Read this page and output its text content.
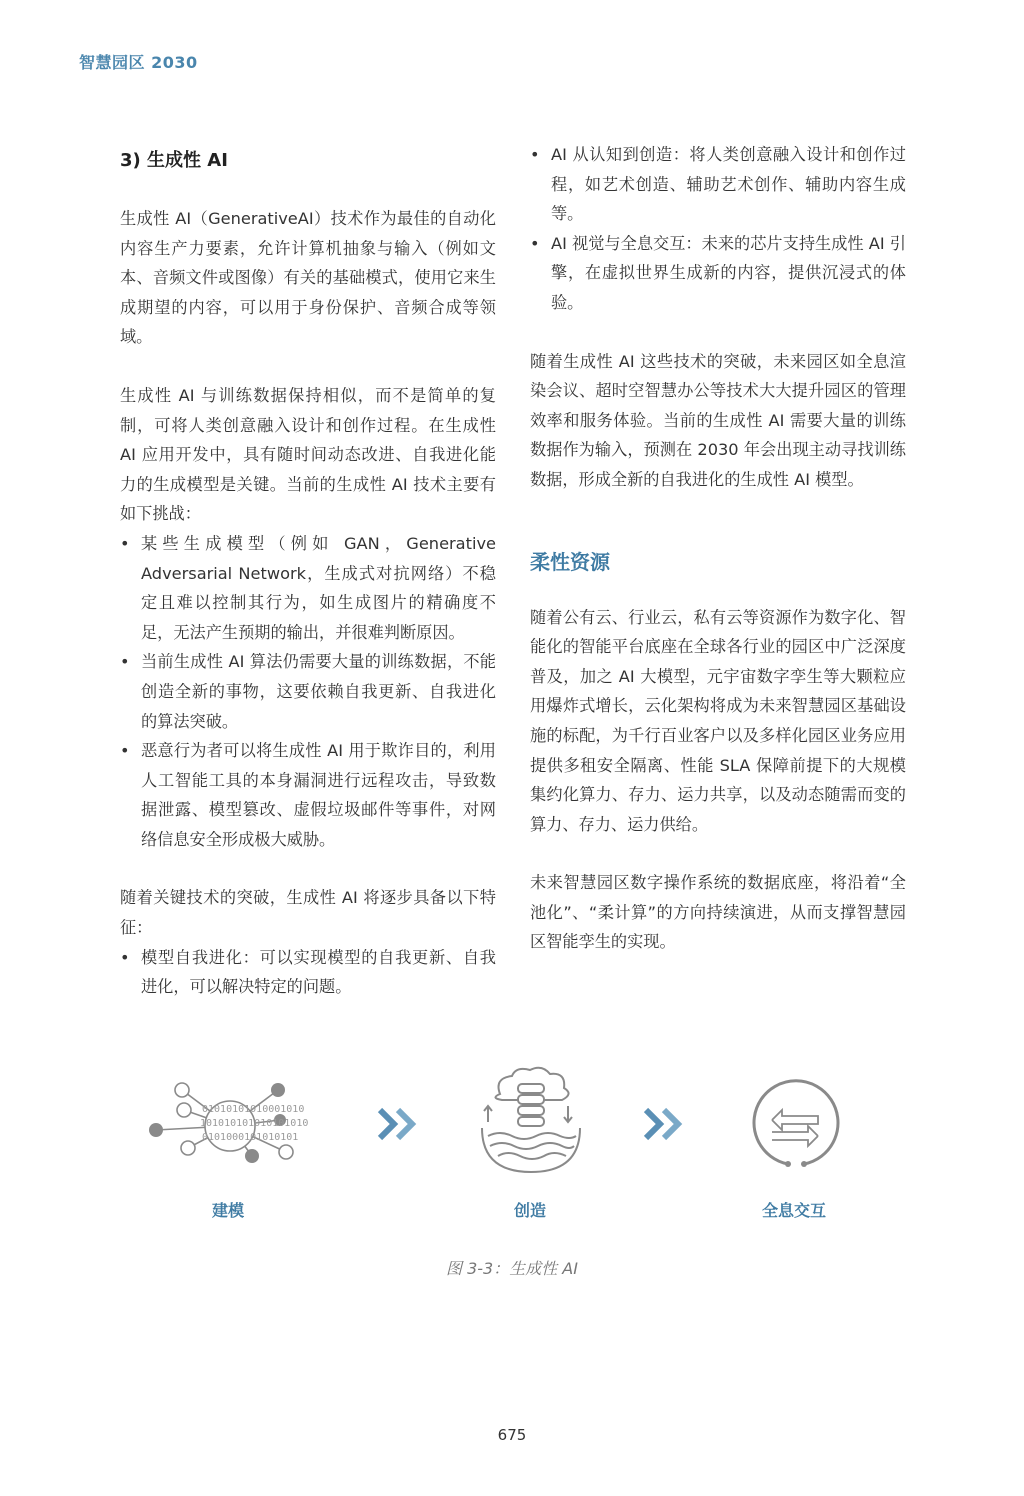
智慧园区 2030
3) 生成性 AI

生成性 AI（GenerativeAI）技术作为最佳的自动化内容生产力要素，允许计算机抽象与输入（例如文本、音频文件或图像）有关的基础模式，使用它来生成期望的内容，可以用于身份保护、音频合成等领域。

生成性 AI 与训练数据保持相似，而不是简单的复制，可将人类创意融入设计和创作过程。在生成性 AI 应用开发中，具有随时间动态改进、自我进化能力的生成模型是关键。当前的生成性 AI 技术主要有如下挑战：

• 某些生成模型（例如 GAN，Generative Adversarial Network，生成式对抗网络）不稳定且难以控制其行为，如生成图片的精确度不足，无法产生预期的输出，并很难判断原因。
• 当前生成性 AI 算法仍需要大量的训练数据，不能创造全新的事物，这要依赖自我更新、自我进化的算法突破。
• 恶意行为者可以将生成性 AI 用于欺诈目的，利用人工智能工具的本身漏洞进行远程攻击，导致数据泄露、模型篡改、虚假垃圾邮件等事件，对网络信息安全形成极大威胁。

随着关键技术的突破，生成性 AI 将逐步具备以下特征：

• 模型自我进化：可以实现模型的自我更新、自我进化，可以解决特定的问题。
• AI 从认知到创造：将人类创意融入设计和创作过程，如艺术创造、辅助艺术创作、辅助内容生成等。
• AI 视觉与全息交互：未来的芯片支持生成性 AI 引擎，在虚拟世界生成新的内容，提供沉浸式的体验。

随着生成性 AI 这些技术的突破，未来园区如全息渲染会议、超时空智慧办公等技术大大提升园区的管理效率和服务体验。当前的生成性 AI 需要大量的训练数据作为输入，预测在 2030 年会出现主动寻找训练数据，形成全新的自我进化的生成性 AI 模型。

柔性资源

随着公有云、行业云，私有云等资源作为数字化、智能化的智能平台底座在全球各行业的园区中广泛深度普及，加之 AI 大模型，元宇宙数字孪生等大颗粒应用爆炸式增长，云化架构将成为未来智慧园区基础设施的标配，为千行百业客户以及多样化园区业务应用提供多租安全隔离、性能 SLA 保障前提下的大规模集约化算力、存力、运力共享，以及动态随需而变的算力、存力、运力供给。

未来智慧园区数字操作系统的数据底座，将沿着“全池化”、“柔计算”的方向持续演进，从而支撑智慧园区智能孪生的实现。

01010101010001010
101010101010101010
0101000101010101
建模	创造	全息交互
图 3-3：生成性 AI
675
